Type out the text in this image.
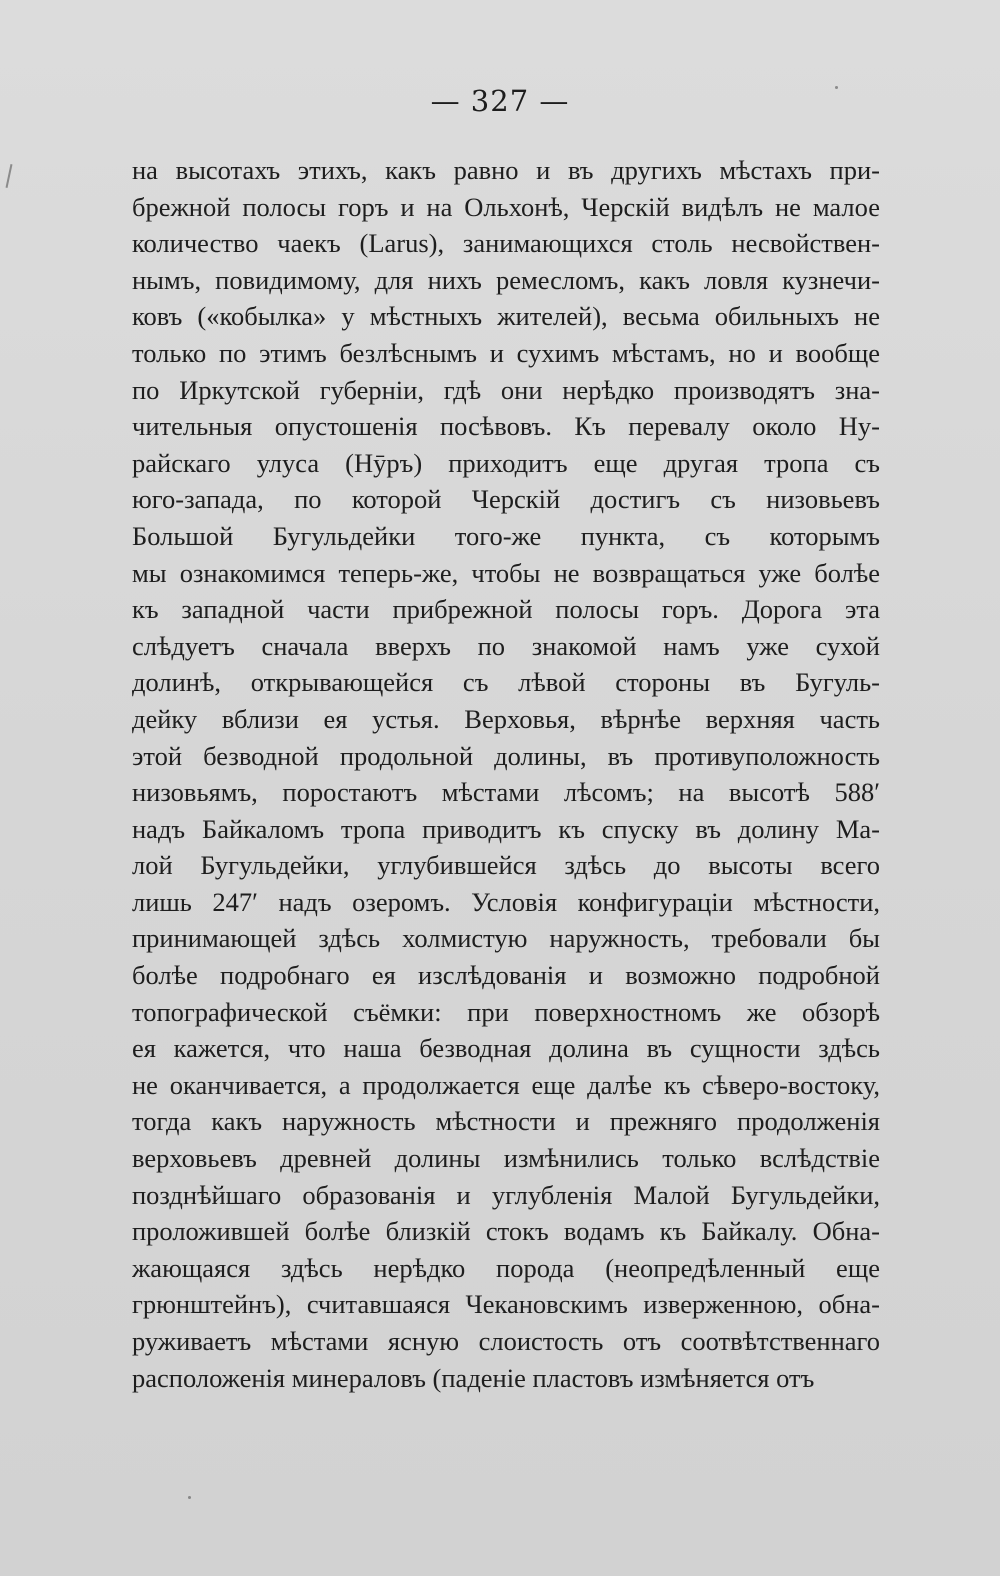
— 327 —
на высотахъ этихъ, какъ равно и въ другихъ мѣстахъ при-
брежной полосы горъ и на Ольхонѣ, Черскій видѣлъ не малое
количество чаекъ (Larus), занимающихся столь несвойствен-
нымъ, повидимому, для нихъ ремесломъ, какъ ловля кузнечи-
ковъ («кобылка» у мѣстныхъ жителей), весьма обильныхъ не
только по этимъ безлѣснымъ и сухимъ мѣстамъ, но и вообще
по Иркутской губерніи, гдѣ они нерѣдко производятъ зна-
чительныя опустошенія посѣвовъ. Къ перевалу около Ну-
райскаго улуса (Нӯръ) приходитъ еще другая тропа съ
юго-запада, по которой Черскій достигъ съ низовьевъ
Большой Бугульдейки того-же пункта, съ которымъ
мы ознакомимся теперь-же, чтобы не возвращаться уже болѣе
къ западной части прибрежной полосы горъ. Дорога эта
слѣдуетъ сначала вверхъ по знакомой намъ уже сухой
долинѣ, открывающейся съ лѣвой стороны въ Бугуль-
дейку вблизи ея устья. Верховья, вѣрнѣе верхняя часть
этой безводной продольной долины, въ противуположность
низовьямъ, поростаютъ мѣстами лѣсомъ; на высотѣ 588′
надъ Байкаломъ тропа приводитъ къ спуску въ долину Ма-
лой Бугульдейки, углубившейся здѣсь до высоты всего
лишь 247′ надъ озеромъ. Условія конфигураціи мѣстности,
принимающей здѣсь холмистую наружность, требовали бы
болѣе подробнаго ея изслѣдованія и возможно подробной
топографической съёмки: при поверхностномъ же обзорѣ
ея кажется, что наша безводная долина въ сущности здѣсь
не оканчивается, а продолжается еще далѣе къ сѣверо-востоку,
тогда какъ наружность мѣстности и прежняго продолженія
верховьевъ древней долины измѣнились только вслѣдствіе
позднѣйшаго образованія и углубленія Малой Бугульдейки,
проложившей болѣе близкій стокъ водамъ къ Байкалу. Обна-
жающаяся здѣсь нерѣдко порода (неопредѣленный еще
грюнштейнъ), считавшаяся Чекановскимъ изверженною, обна-
руживаетъ мѣстами ясную слоистость отъ соотвѣтственнаго
расположенія минераловъ (паденіе пластовъ измѣняется отъ
